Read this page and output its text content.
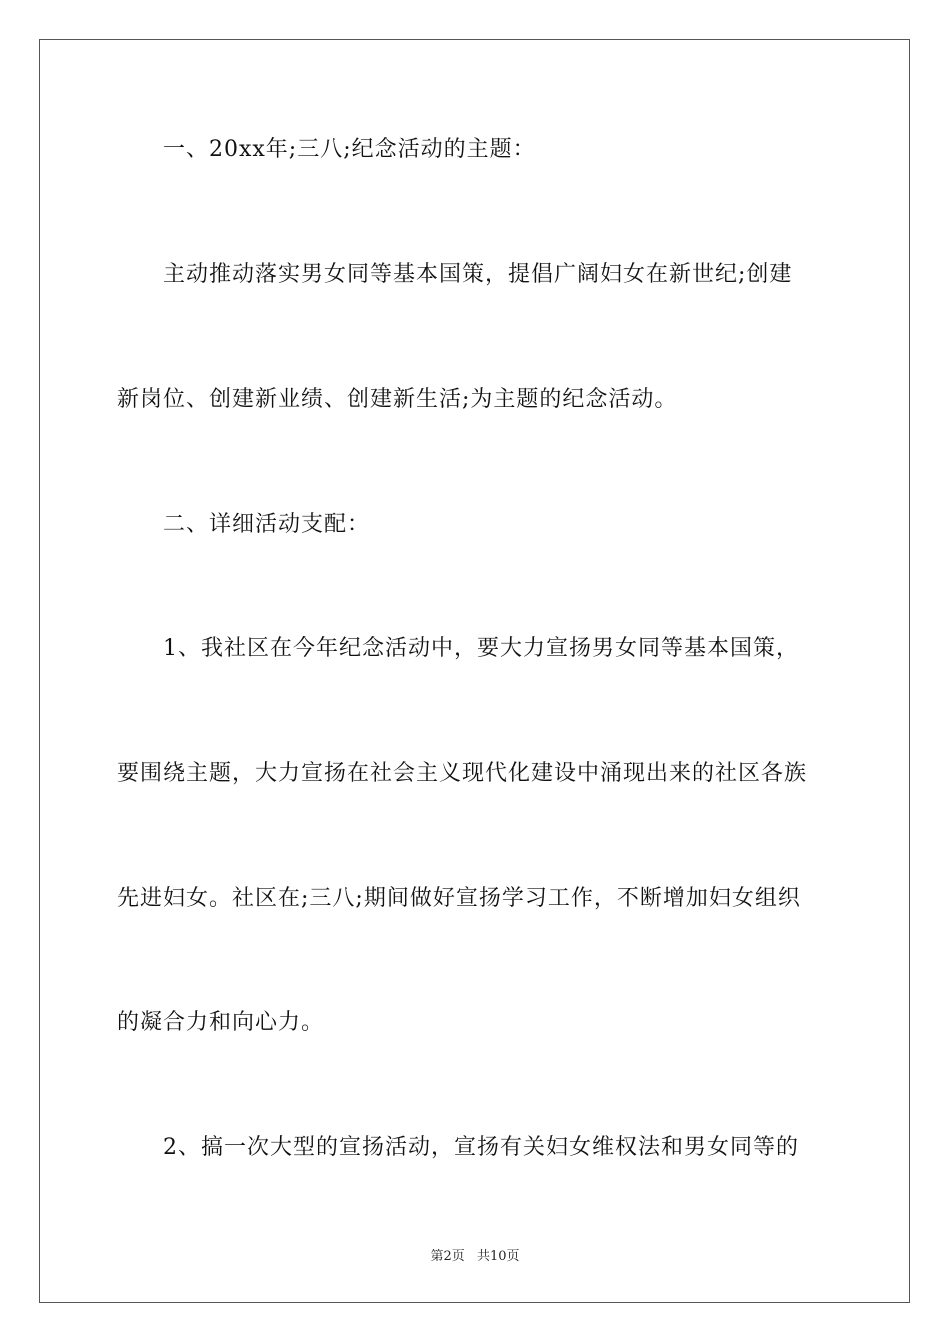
一、20xx年;三八;纪念活动的主题：
主动推动落实男女同等基本国策，提倡广阔妇女在新世纪;创建
新岗位、创建新业绩、创建新生活;为主题的纪念活动。
二、详细活动支配：
1、我社区在今年纪念活动中，要大力宣扬男女同等基本国策，
要围绕主题，大力宣扬在社会主义现代化建设中涌现出来的社区各族
先进妇女。社区在;三八;期间做好宣扬学习工作，不断增加妇女组织
的凝合力和向心力。
2、搞一次大型的宣扬活动，宣扬有关妇女维权法和男女同等的
第2页 共10页
